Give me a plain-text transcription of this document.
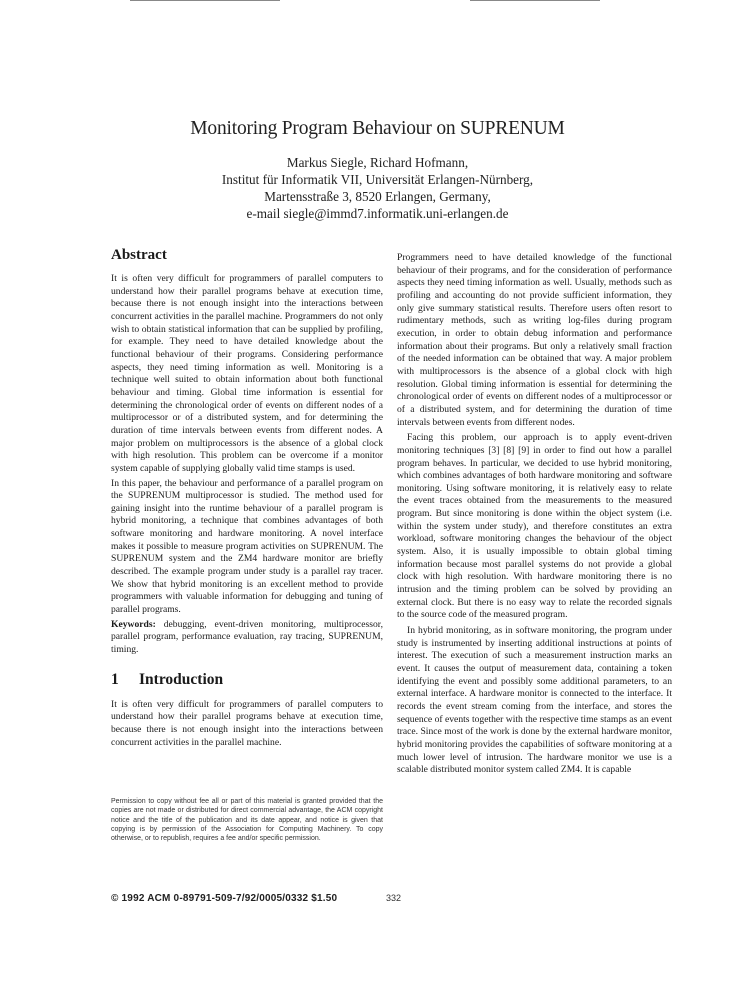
Monitoring Program Behaviour on SUPRENUM
Markus Siegle, Richard Hofmann,
Institut für Informatik VII, Universität Erlangen-Nürnberg,
Martensstraße 3, 8520 Erlangen, Germany,
e-mail siegle@immd7.informatik.uni-erlangen.de
Abstract

It is often very difficult for programmers of parallel computers to understand how their parallel programs behave at execution time, because there is not enough insight into the interactions between concurrent activities in the parallel machine. Programmers do not only wish to obtain statistical information that can be supplied by profiling, for example. They need to have detailed knowledge about the functional behaviour of their programs. Considering performance aspects, they need timing information as well. Monitoring is a technique well suited to obtain information about both functional behaviour and timing. Global time information is essential for determining the chronological order of events on different nodes of a multiprocessor or of a distributed system, and for determining the duration of time intervals between events from different nodes. A major problem on multiprocessors is the absence of a global clock with high resolution. This problem can be overcome if a monitor system capable of supplying globally valid time stamps is used.

In this paper, the behaviour and performance of a parallel program on the SUPRENUM multiprocessor is studied. The method used for gaining insight into the runtime behaviour of a parallel program is hybrid monitoring, a technique that combines advantages of both software monitoring and hardware monitoring. A novel interface makes it possible to measure program activities on SUPRENUM. The SUPRENUM system and the ZM4 hardware monitor are briefly described. The example program under study is a parallel ray tracer. We show that hybrid monitoring is an excellent method to provide programmers with valuable information for debugging and tuning of parallel programs.

Keywords: debugging, event-driven monitoring, multiprocessor, parallel program, performance evaluation, ray tracing, SUPRENUM, timing.

1 Introduction

It is often very difficult for programmers of parallel computers to understand how their parallel programs behave at execution time, because there is not enough insight into the interactions between concurrent activities in the parallel machine.

Permission to copy without fee all or part of this material is granted provided that the copies are not made or distributed for direct commercial advantage, the ACM copyright notice and the title of the publication and its date appear, and notice is given that copying is by permission of the Association for Computing Machinery. To copy otherwise, or to republish, requires a fee and/or specific permission.

Programmers need to have detailed knowledge of the functional behaviour of their programs, and for the consideration of performance aspects they need timing information as well. Usually, methods such as profiling and accounting do not provide sufficient information, they only give summary statistical results. Therefore users often resort to rudimentary methods, such as writing log-files during program execution, in order to obtain debug information and performance information about their programs. But only a relatively small fraction of the needed information can be obtained that way. A major problem with multiprocessors is the absence of a global clock with high resolution. Global timing information is essential for determining the chronological order of events on different nodes of a multiprocessor or of a distributed system, and for determining the duration of time intervals between events from different nodes.

Facing this problem, our approach is to apply event-driven monitoring techniques [3] [8] [9] in order to find out how a parallel program behaves. In particular, we decided to use hybrid monitoring, which combines advantages of both hardware monitoring and software monitoring. Using software monitoring, it is relatively easy to relate the event traces obtained from the measurements to the measured program. But since monitoring is done within the object system (i.e. within the system under study), and therefore constitutes an extra workload, software monitoring changes the behaviour of the object system. Also, it is usually impossible to obtain global timing information because most parallel systems do not provide a global clock with high resolution. With hardware monitoring there is no intrusion and the timing problem can be solved by providing an external clock. But there is no easy way to relate the recorded signals to the source code of the measured program.

In hybrid monitoring, as in software monitoring, the program under study is instrumented by inserting additional instructions at points of interest. The execution of such a measurement instruction marks an event. It causes the output of measurement data, containing a token identifying the event and possibly some additional parameters, to an external interface. A hardware monitor is connected to the interface. It records the event stream coming from the interface, and stores the sequence of events together with the respective time stamps as an event trace. Since most of the work is done by the external hardware monitor, hybrid monitoring provides the capabilities of software monitoring at a much lower level of intrusion. The hardware monitor we use is a scalable distributed monitor system called ZM4. It is capable

© 1992 ACM 0-89791-509-7/92/0005/0332 $1.50	332
